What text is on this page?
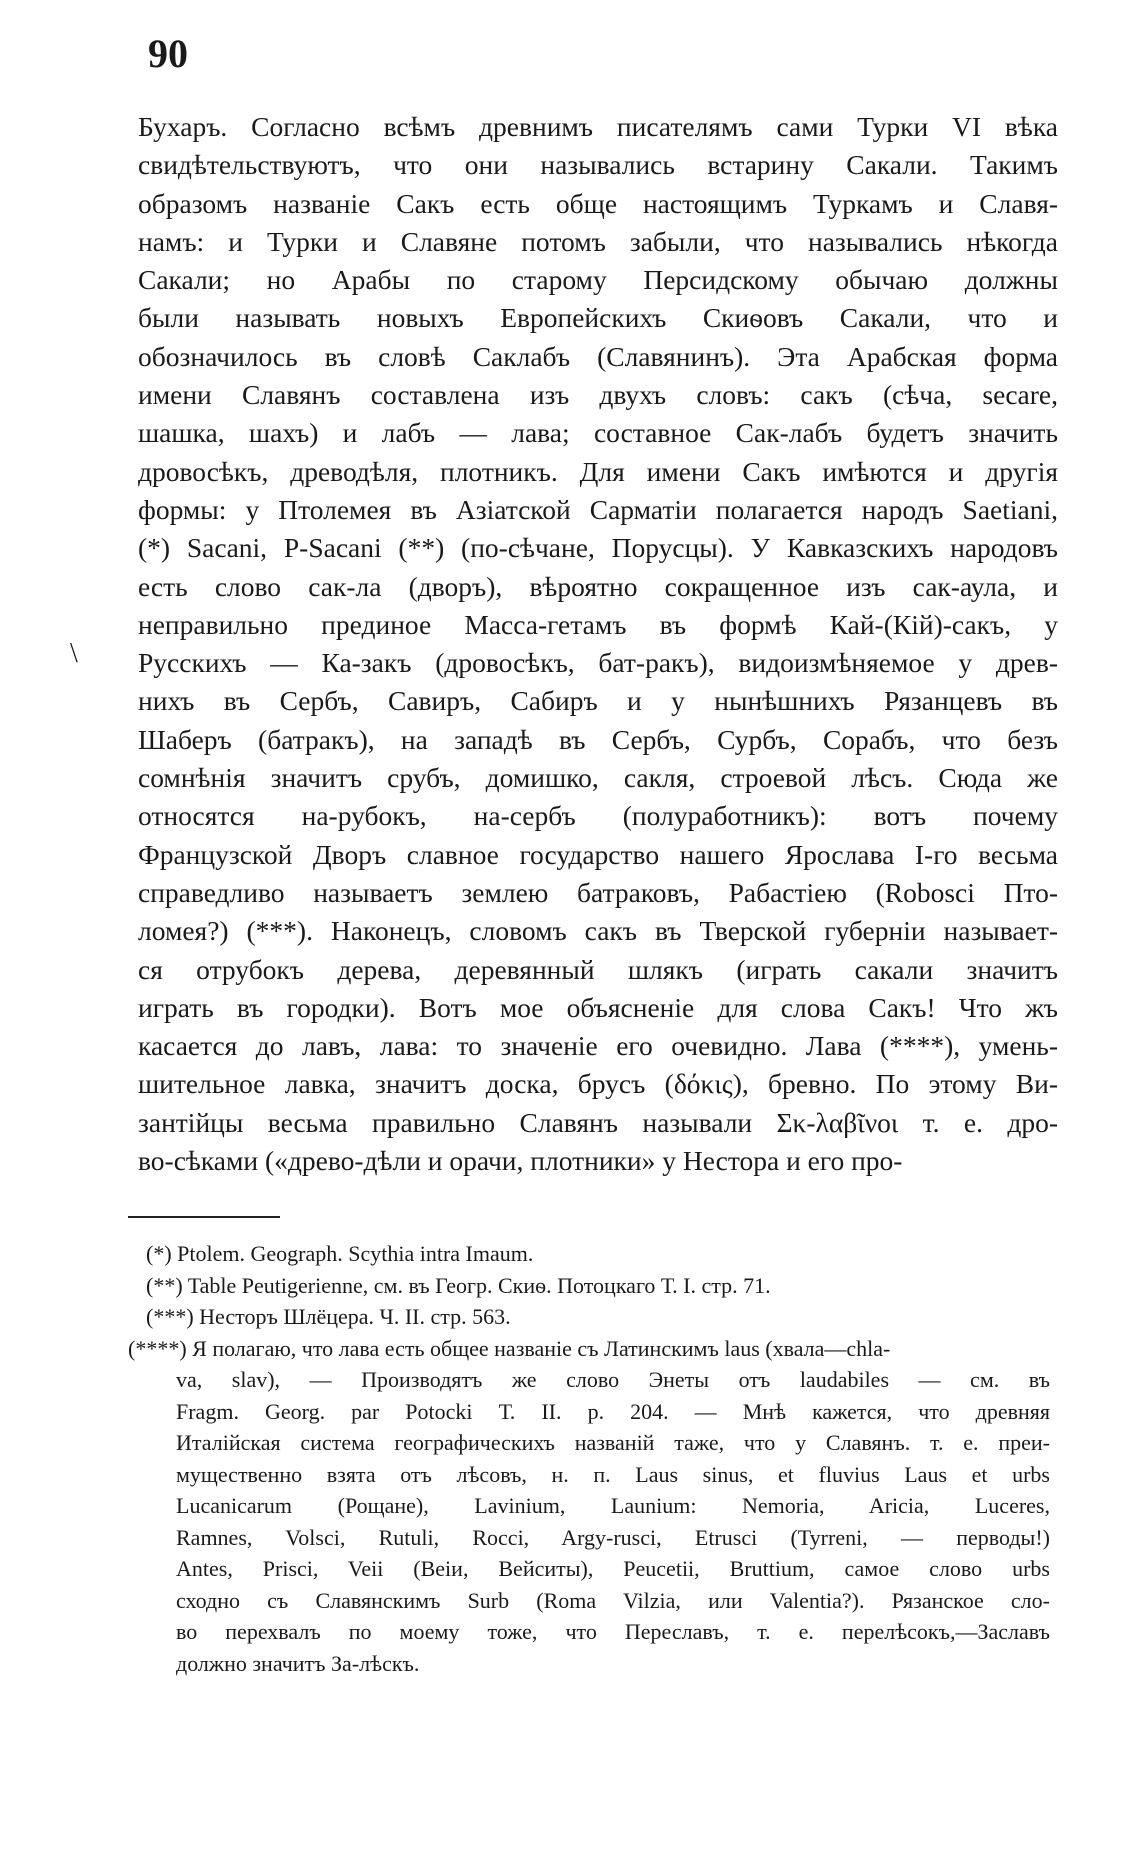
90
\
Бухаръ. Согласно всѣмъ древнимъ писателямъ сами Турки VI вѣка
свидѣтельствуютъ, что они назывались встарину Сакали. Такимъ
образомъ названіе Сакъ есть обще настоящимъ Туркамъ и Славя-
намъ: и Турки и Славяне потомъ забыли, что назывались нѣкогда
Сакали; но Арабы по старому Персидскому обычаю должны
были называть новыхъ Европейскихъ Скиѳовъ Сакали, что и
обозначилось въ словѣ Саклабъ (Славянинъ). Эта Арабская форма
имени Славянъ составлена изъ двухъ словъ: сакъ (сѣча, secare,
шашка, шахъ) и лабъ — лава; составное Сак-лабъ будетъ значить
дровосѣкъ, древодѣля, плотникъ. Для имени Сакъ имѣются и другія
формы: у Птолемея въ Азіатской Сарматіи полагается народъ Saetiani,
(*) Sacani, P-Sacani (**) (по-сѣчане, Порусцы). У Кавказскихъ народовъ
есть слово сак-ла (дворъ), вѣроятно сокращенное изъ сак-аула, и
неправильно прединое Масса-гетамъ въ формѣ Кай-(Кій)-сакъ, у
Русскихъ — Ка-закъ (дровосѣкъ, бат-ракъ), видоизмѣняемое у древ-
нихъ въ Сербъ, Савиръ, Сабиръ и у нынѣшнихъ Рязанцевъ въ
Шаберъ (батракъ), на западѣ въ Сербъ, Сурбъ, Сорабъ, что безъ
сомнѣнія значитъ срубъ, домишко, сакля, строевой лѣсъ. Сюда же
относятся на-рубокъ, на-сербъ (полуработникъ): вотъ почему
Французской Дворъ славное государство нашего Ярослава І-го весьма
справедливо называетъ землею батраковъ, Рабастіею (Robosci Пто-
ломея?) (***). Наконецъ, словомъ сакъ въ Тверской губерніи называет-
ся отрубокъ дерева, деревянный шлякъ (играть сакали значитъ
играть въ городки). Вотъ мое объясненіе для слова Сакъ! Что жъ
касается до лавъ, лава: то значеніе его очевидно. Лава (****), умень-
шительное лавка, значитъ доска, брусъ (δόκις), бревно. По этому Ви-
зантійцы весьма правильно Славянъ называли Σκ-λαβῖνοι т. е. дро-
во-сѣками («древо-дѣли и орачи, плотники» у Нестора и его про-
(*) Ptolem. Geograph. Scythia intra Imaum.
(**) Table Peutigerienne, см. въ Геогр. Скиѳ. Потоцкаго Т. I. стр. 71.
(***) Несторъ Шлёцера. Ч. II. стр. 563.
(****) Я полагаю, что лава есть общее названіе съ Латинскимъ laus (хвала—chla-
va, slav), — Производятъ же слово Энеты отъ laudabiles — см. въ
Fragm. Georg. par Potocki Т. II. p. 204. — Мнѣ кажется, что древняя
Италійская система географическихъ названій таже, что у Славянъ. т. е. преи-
мущественно взята отъ лѣсовъ, н. п. Laus sinus, et fluvius Laus et urbs
Lucanicarum (Рощане), Lavinium, Launium: Nemoria, Aricia, Luceres,
Ramnes, Volsci, Rutuli, Rocci, Argy-rusci, Etrusci (Tyrreni, — перводы!)
Antes, Prisci, Veii (Веіи, Вейситы), Peucetii, Bruttium, самое слово urbs
сходно съ Славянскимъ Surb (Roma Vilzia, или Valentia?). Рязанское сло-
во перехвалъ по моему тоже, что Переславъ, т. е. перелѣсокъ,—Заславъ
должно значитъ За-лѣскъ.
